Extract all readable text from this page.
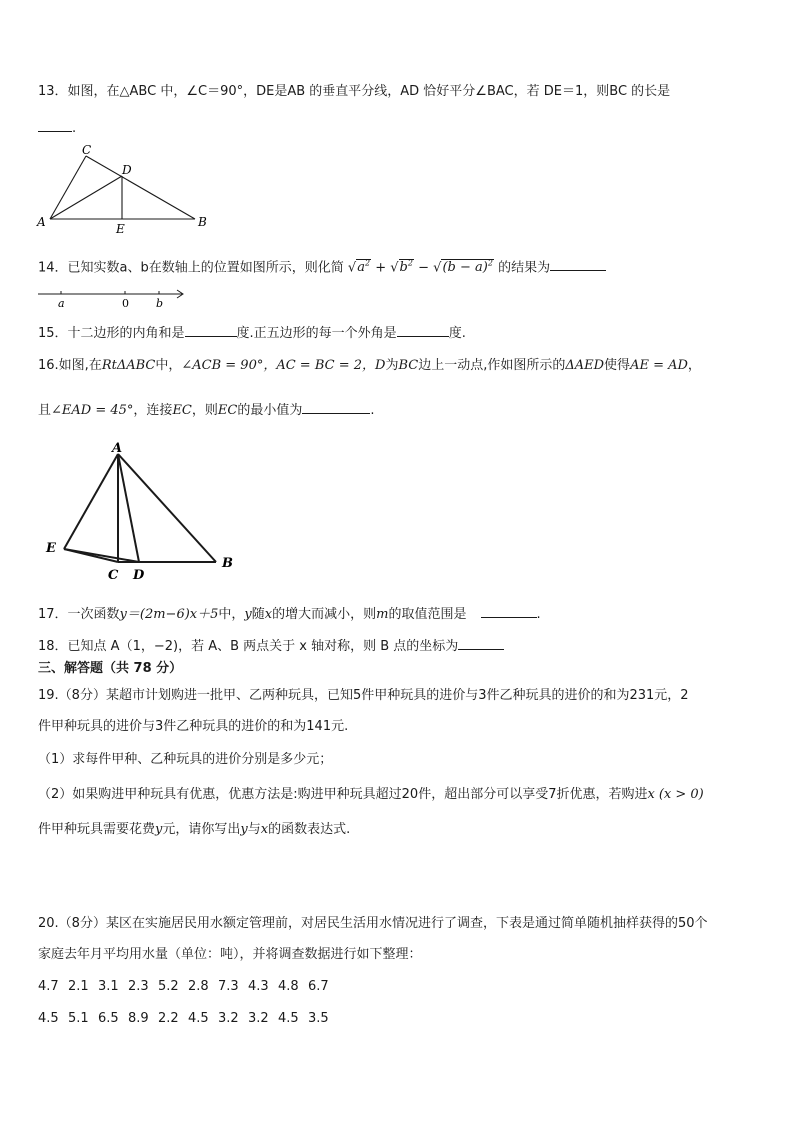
13．如图，在△ABC 中，∠C＝90°，DE是AB 的垂直平分线，AD 恰好平分∠BAC，若 DE＝1，则BC 的长是
.
C
D
A	E	B
14．已知实数a、b在数轴上的位置如图所示，则化简 $√a^2 + √b^2 - √(b - a)^2$ 的结果为
a	0 b
15．十二边形的内角和是	度.正五边形的每一个外角是	度.
16.如图,在RtΔABC中，∠ACB = 90°，AC = BC = 2，D为BC边上一动点,作如图所示的ΔAED使得AE = AD，
且∠EAD = 45°，连接EC，则EC的最小值为	.
A
E
C D
B
17．一次函数y＝(2m−6)x＋5中，y随x的增大而减小，则m的取值范围是	.
18．已知点 A（1，−2)，若 A、B 两点关于 x 轴对称，则 B 点的坐标为
三、解答题（共 78 分）
19.（8分）某超市计划购进一批甲、乙两种玩具，已知5件甲种玩具的进价与3件乙种玩具的进价的和为231元，2
件甲种玩具的进价与3件乙种玩具的进价的和为141元.
（1）求每件甲种、乙种玩具的进价分别是多少元；
（2）如果购进甲种玩具有优惠，优惠方法是:购进甲种玩具超过20件，超出部分可以享受7折优惠，若购进x (x > 0)
件甲种玩具需要花费y元，请你写出y与x的函数表达式.
20.（8分）某区在实施居民用水额定管理前，对居民生活用水情况进行了调查，下表是通过简单随机抽样获得的50个
家庭去年月平均用水量（单位：吨），并将调查数据进行如下整理：
4.7 2.1 3.1 2.3 5.2 2.8 7.3 4.3 4.8 6.7
4.5 5.1 6.5 8.9 2.2 4.5 3.2 3.2 4.5 3.5
